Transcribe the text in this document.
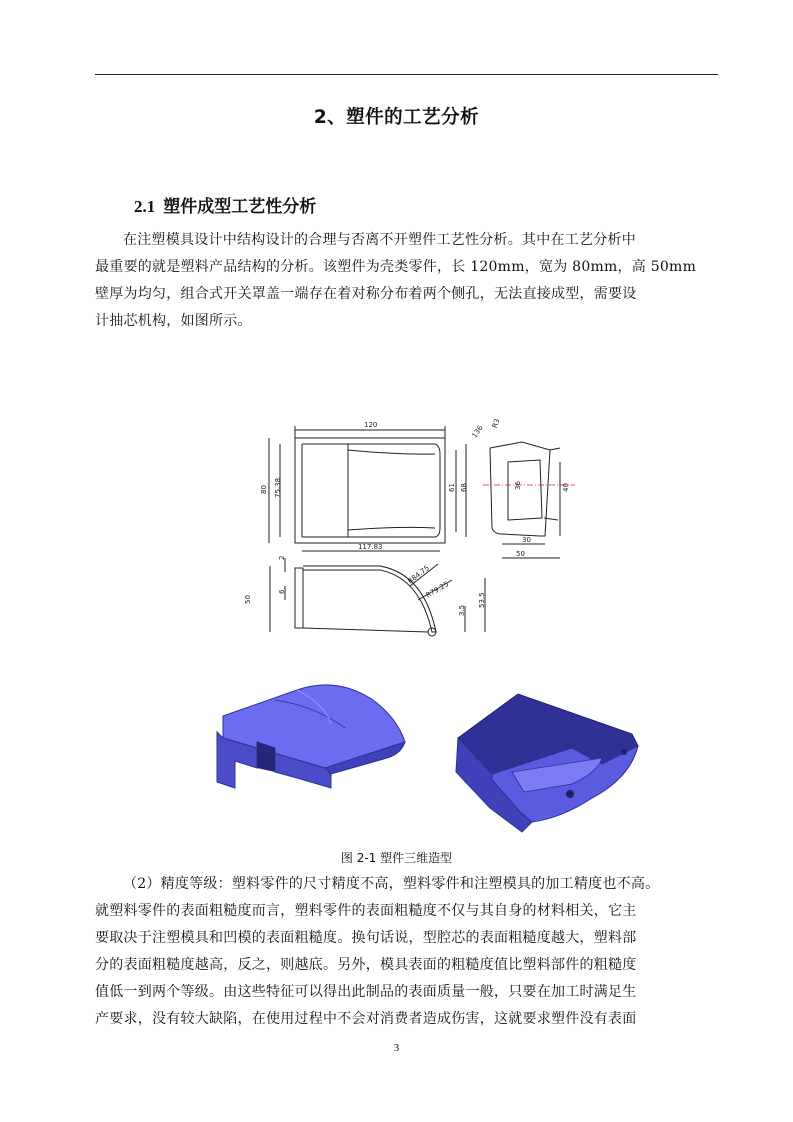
2、塑件的工艺分析
2.1 塑件成型工艺性分析
在注塑模具设计中结构设计的合理与否离不开塑件工艺性分析。其中在工艺分析中
最重要的就是塑料产品结构的分析。该塑件为壳类零件，长 120mm，宽为 80mm，高 50mm
壁厚为均匀，组合式开关罩盖一端存在着对称分布着两个侧孔，无法直接成型，需要设
计抽芯机构，如图所示。
120
80 75.38	61 68
117.83
136
R3
36	40
30
50
2
6
50
R84.75
R79.25
3.5
53.5
图 2-1 塑件三维造型
（2）精度等级：塑料零件的尺寸精度不高，塑料零件和注塑模具的加工精度也不高。
就塑料零件的表面粗糙度而言，塑料零件的表面粗糙度不仅与其自身的材料相关，它主
要取决于注塑模具和凹模的表面粗糙度。换句话说，型腔芯的表面粗糙度越大，塑料部
分的表面粗糙度越高，反之，则越底。另外，模具表面的粗糙度值比塑料部件的粗糙度
值低一到两个等级。由这些特征可以得出此制品的表面质量一般，只要在加工时满足生
产要求，没有较大缺陷，在使用过程中不会对消费者造成伤害，这就要求塑件没有表面
3
